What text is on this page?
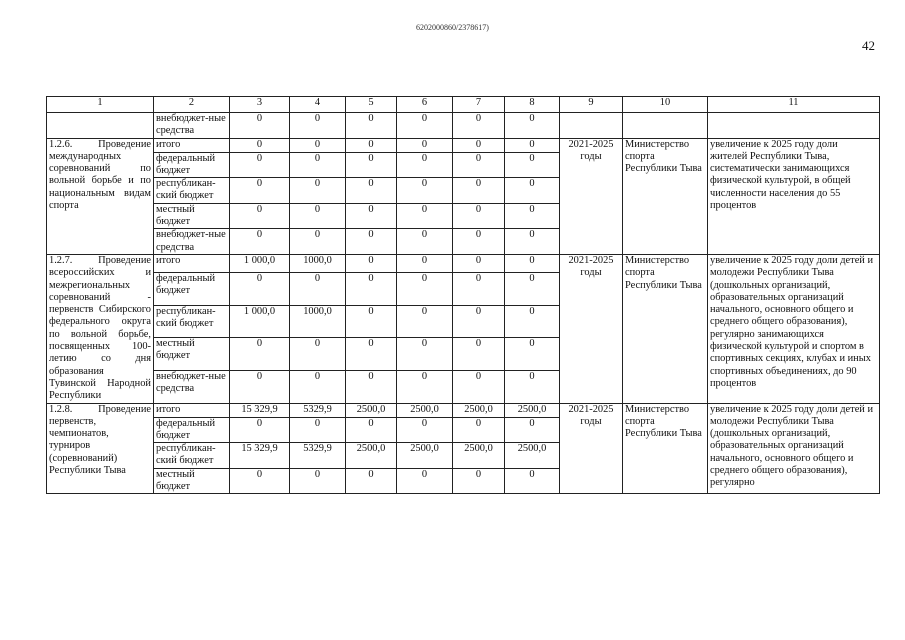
6202000860/2378617)
42
1	2	3	4	5	6	7	8	9	10	11
	внебюджет-ные средства	0	0	0	0	0	0			
1.2.6. Проведение международных соревнований по вольной борьбе и по национальным видам спорта	итого	0	0	0	0	0	0	2021-2025 годы	Министерство спорта Республики Тыва	увеличение к 2025 году доли жителей Республики Тыва, систематически занимающихся физической культурой, в общей численности населения до 55 процентов
	федеральный бюджет	0	0	0	0	0	0			
	республикан-ский бюджет	0	0	0	0	0	0			
	местный бюджет	0	0	0	0	0	0			
	внебюджет-ные средства	0	0	0	0	0	0			
1.2.7. Проведение всероссийских и межрегиональных соревнований - первенств Сибирского федерального округа по вольной борьбе, посвященных 100-летию со дня образования Тувинской Народной Республики	итого	1 000,0	1000,0	0	0	0	0	2021-2025 годы	Министерство спорта Республики Тыва	увеличение к 2025 году доли детей и молодежи Республики Тыва (дошкольных организаций, образовательных организаций начального, основного общего и среднего общего образования), регулярно занимающихся физической культурой и спортом в спортивных секциях, клубах и иных спортивных объединениях, до 90 процентов
	федеральный бюджет	0	0	0	0	0	0			
	республикан-ский бюджет	1 000,0	1000,0	0	0	0	0			
	местный бюджет	0	0	0	0	0	0			
	внебюджет-ные средства	0	0	0	0	0	0			
1.2.8. Проведение первенств, чемпионатов, турниров (соревнований) Республики Тыва	итого	15 329,9	5329,9	2500,0	2500,0	2500,0	2500,0	2021-2025 годы	Министерство спорта Республики Тыва	увеличение к 2025 году доли детей и молодежи Республики Тыва (дошкольных организаций, образовательных организаций начального, основного общего и среднего общего образования), регулярно
	федеральный бюджет	0	0	0	0	0	0			
	республикан-ский бюджет	15 329,9	5329,9	2500,0	2500,0	2500,0	2500,0			
	местный бюджет	0	0	0	0	0	0			
